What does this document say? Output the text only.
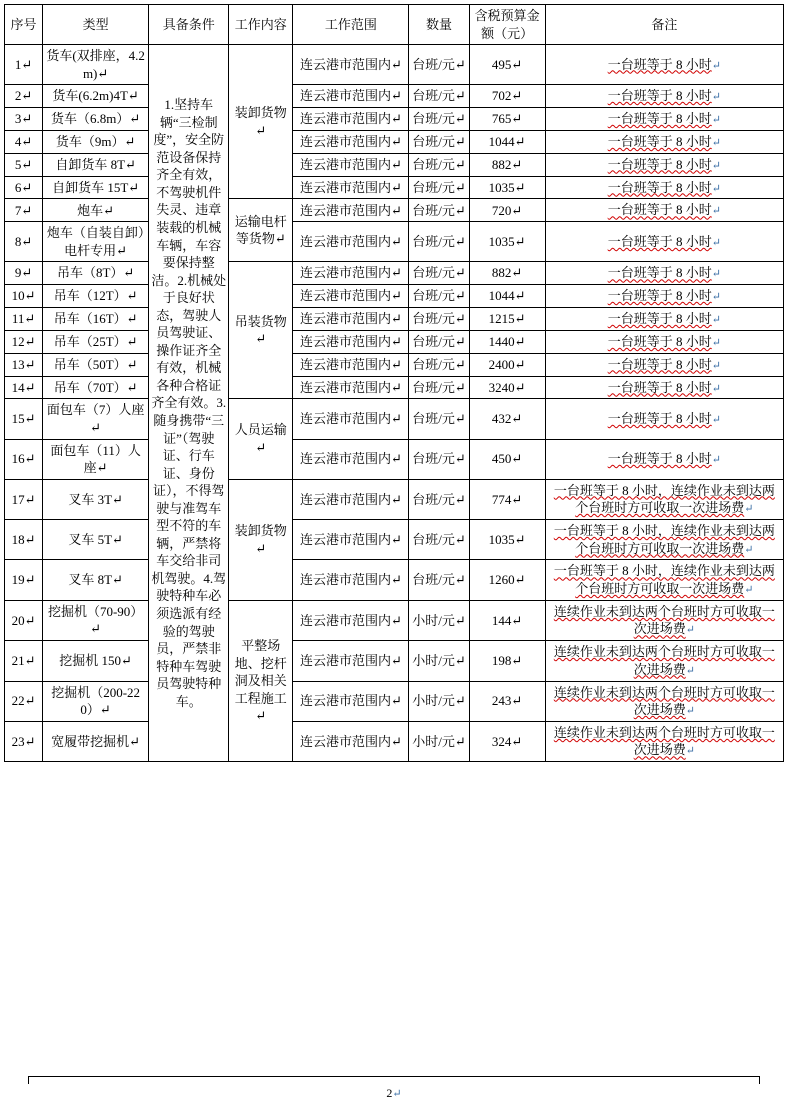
序号	类型	具备条件	工作内容	工作范围	数量	含税预算金额（元）	备注
1↵	货车(双排座，4.2m)↵	1.坚持车辆“三检制度”，安全防范设备保持齐全有效，不驾驶机件失灵、违章装载的机械车辆，车容要保持整洁。2.机械处于良好状态，驾驶人员驾驶证、操作证齐全有效，机械各种合格证齐全有效。3.随身携带“三证”（驾驶证、行车证、身份证），不得驾驶与准驾车型不符的车辆，严禁将车交给非司机驾驶。4.驾驶特种车必须选派有经验的驾驶员，严禁非特种车驾驶员驾驶特种车。	装卸货物↵	连云港市范围内↵	台班/元↵	495↵	一台班等于 8 小时↵
2↵	货车(6.2m)4T↵			连云港市范围内↵	台班/元↵	702↵	一台班等于 8 小时↵
3↵	货车（6.8m）↵			连云港市范围内↵	台班/元↵	765↵	一台班等于 8 小时↵
4↵	货车（9m）↵			连云港市范围内↵	台班/元↵	1044↵	一台班等于 8 小时↵
5↵	自卸货车 8T↵			连云港市范围内↵	台班/元↵	882↵	一台班等于 8 小时↵
6↵	自卸货车 15T↵			连云港市范围内↵	台班/元↵	1035↵	一台班等于 8 小时↵
7↵	炮车↵		运输电杆等货物↵	连云港市范围内↵	台班/元↵	720↵	一台班等于 8 小时↵
8↵	炮车（自装自卸）电杆专用↵			连云港市范围内↵	台班/元↵	1035↵	一台班等于 8 小时↵
9↵	吊车（8T）↵		吊装货物↵	连云港市范围内↵	台班/元↵	882↵	一台班等于 8 小时↵
10↵	吊车（12T）↵			连云港市范围内↵	台班/元↵	1044↵	一台班等于 8 小时↵
11↵	吊车（16T）↵			连云港市范围内↵	台班/元↵	1215↵	一台班等于 8 小时↵
12↵	吊车（25T）↵			连云港市范围内↵	台班/元↵	1440↵	一台班等于 8 小时↵
13↵	吊车（50T）↵			连云港市范围内↵	台班/元↵	2400↵	一台班等于 8 小时↵
14↵	吊车（70T）↵			连云港市范围内↵	台班/元↵	3240↵	一台班等于 8 小时↵
15↵	面包车（7）人座↵		人员运输↵	连云港市范围内↵	台班/元↵	432↵	一台班等于 8 小时↵
16↵	面包车（11）人座↵			连云港市范围内↵	台班/元↵	450↵	一台班等于 8 小时↵
17↵	叉车 3T↵		装卸货物↵	连云港市范围内↵	台班/元↵	774↵	一台班等于 8 小时，连续作业未到达两个台班时方可收取一次进场费↵
18↵	叉车 5T↵			连云港市范围内↵	台班/元↵	1035↵	一台班等于 8 小时，连续作业未到达两个台班时方可收取一次进场费↵
19↵	叉车 8T↵			连云港市范围内↵	台班/元↵	1260↵	一台班等于 8 小时，连续作业未到达两个台班时方可收取一次进场费↵
20↵	挖掘机（70-90）↵		平整场地、挖杆洞及相关工程施工↵	连云港市范围内↵	小时/元↵	144↵	连续作业未到达两个台班时方可收取一次进场费↵
21↵	挖掘机 150↵			连云港市范围内↵	小时/元↵	198↵	连续作业未到达两个台班时方可收取一次进场费↵
22↵	挖掘机（200-220）↵			连云港市范围内↵	小时/元↵	243↵	连续作业未到达两个台班时方可收取一次进场费↵
23↵	宽履带挖掘机↵			连云港市范围内↵	小时/元↵	324↵	连续作业未到达两个台班时方可收取一次进场费↵
2↵
